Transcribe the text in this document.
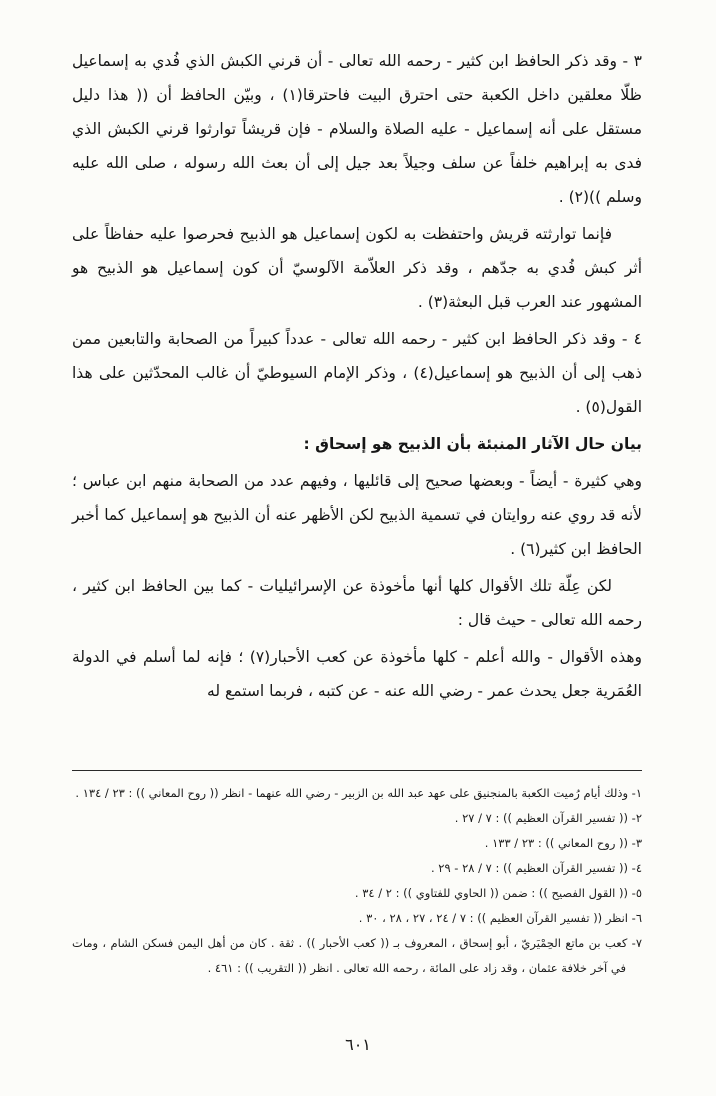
٣ - وقد ذكر الحافظ ابن كثير - رحمه الله تعالى - أن قرني الكبش الذي فُدي به إسماعيل ظلّا معلقين داخل الكعبة حتى احترق البيت فاحترقا(١) ، وبيّن الحافظ أن (( هذا دليل مستقل على أنه إسماعيل - عليه الصلاة والسلام - فإن قريشاً توارثوا قرني الكبش الذي فدى به إبراهيم خلفاً عن سلف وجيلاً بعد جيل إلى أن بعث الله رسوله ، صلى الله عليه وسلم ))(٢) .

فإنما توارثته قريش واحتفظت به لكون إسماعيل هو الذبيح فحرصوا عليه حفاظاً على أثر كبش فُدي به جدّهم ، وقد ذكر العلاّمة الآلوسيّ أن كون إسماعيل هو الذبيح هو المشهور عند العرب قبل البعثة(٣) .

٤ - وقد ذكر الحافظ ابن كثير - رحمه الله تعالى - عدداً كبيراً من الصحابة والتابعين ممن ذهب إلى أن الذبيح هو إسماعيل(٤) ، وذكر الإمام السيوطيّ أن غالب المحدّثين على هذا القول(٥) .

بيان حال الآثار المنبئة بأن الذبيح هو إسحاق :

وهي كثيرة - أيضاً - وبعضها صحيح إلى قائليها ، وفيهم عدد من الصحابة منهم ابن عباس ؛ لأنه قد روي عنه روايتان في تسمية الذبيح لكن الأظهر عنه أن الذبيح هو إسماعيل كما أخبر الحافظ ابن كثير(٦) .

لكن عِلّة تلك الأقوال كلها أنها مأخوذة عن الإسرائيليات - كما بين الحافظ ابن كثير ، رحمه الله تعالى - حيث قال :

وهذه الأقوال - والله أعلم - كلها مأخوذة عن كعب الأحبار(٧) ؛ فإنه لما أسلم في الدولة العُمَرية جعل يحدث عمر - رضي الله عنه - عن كتبه ، فربما استمع له

١- وذلك أيام رُميت الكعبة بالمنجنيق على عهد عبد الله بن الزبير - رضي الله عنهما - انظر (( روح المعاني )) : ٢٣ / ١٣٤ .

٢- (( تفسير القرآن العظيم )) : ٧ / ٢٧ .

٣- (( روح المعاني )) : ٢٣ / ١٣٣ .

٤- (( تفسير القرآن العظيم )) : ٧ / ٢٨ - ٢٩ .

٥- (( القول الفصيح )) : ضمن (( الحاوي للفتاوي )) : ٢ / ٣٤ .

٦- انظر (( تفسير القرآن العظيم )) : ٧ / ٢٤ ، ٢٧ ، ٢٨ ، ٣٠ .

٧- كعب بن ماتع الحِمْيَريّ ، أبو إسحاق ، المعروف بـ (( كعب الأحبار )) . ثقة . كان من أهل اليمن فسكن الشام ، ومات في آخر خلافة عثمان ، وقد زاد على المائة ، رحمه الله تعالى . انظر (( التقريب )) : ٤٦١ .

٦٠١
